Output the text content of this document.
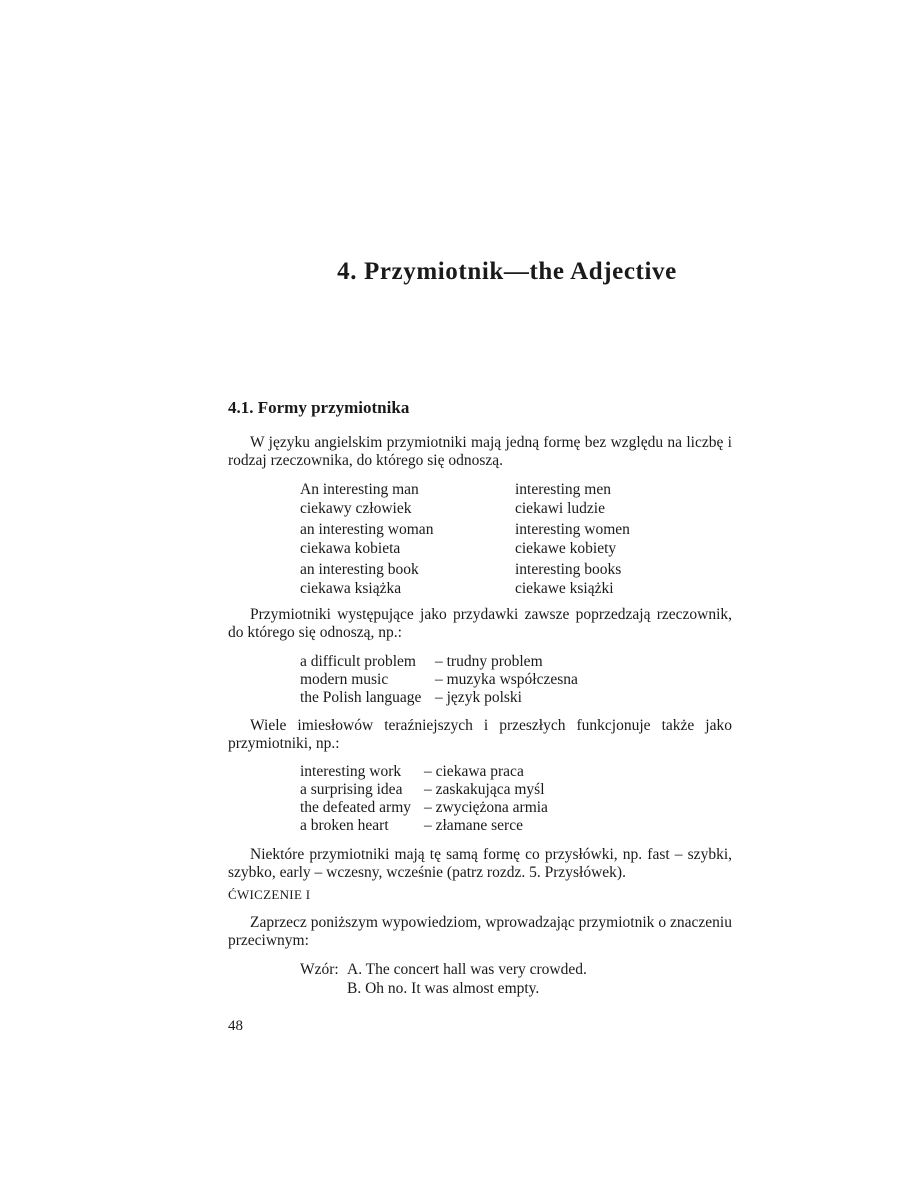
4. Przymiotnik—the Adjective
4.1. Formy przymiotnika

W języku angielskim przymiotniki mają jedną formę bez względu na liczbę i rodzaj rzeczownika, do którego się odnoszą.

An interesting man	interesting men
ciekawy człowiek	ciekawi ludzie
an interesting woman	interesting women
ciekawa kobieta	ciekawe kobiety
an interesting book	interesting books
ciekawa książka	ciekawe książki

Przymiotniki występujące jako przydawki zawsze poprzedzają rzeczownik, do którego się odnoszą, np.:

a difficult problem – trudny problem
modern music	– muzyka współczesna
the Polish language – język polski

Wiele imiesłowów teraźniejszych i przeszłych funkcjonuje także jako przymiotniki, np.:

interesting work – ciekawa praca
a surprising idea – zaskakująca myśl
the defeated army – zwyciężona armia
a broken heart – złamane serce

Niektóre przymiotniki mają tę samą formę co przysłówki, np. fast – szybki, szybko, early – wczesny, wcześnie (patrz rozdz. 5. Przysłówek).

ĆWICZENIE I

Zaprzecz poniższym wypowiedziom, wprowadzając przymiotnik o znaczeniu przeciwnym:

Wzór: A. The concert hall was very crowded.
B. Oh no. It was almost empty.
48
